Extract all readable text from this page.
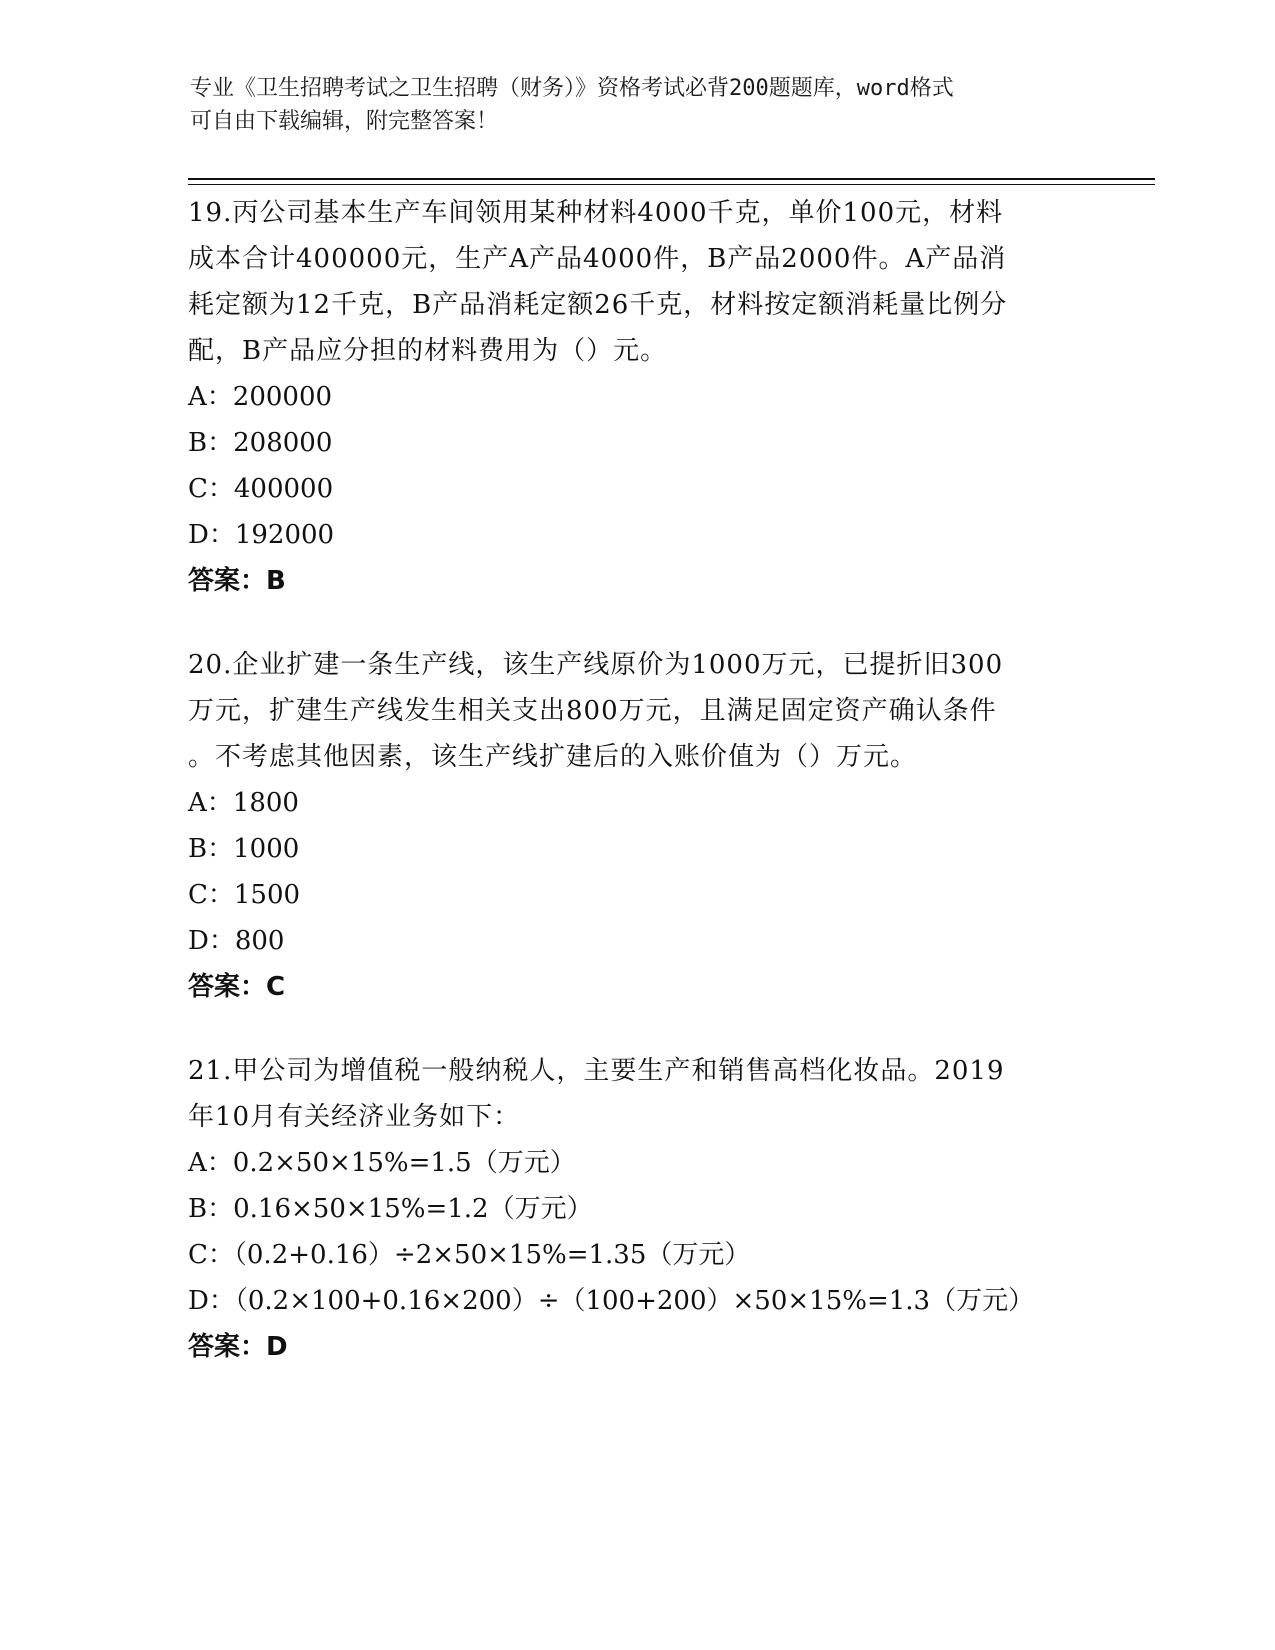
专业《卫生招聘考试之卫生招聘（财务）》资格考试必背200题题库，word格式
可自由下载编辑，附完整答案！
19.丙公司基本生产车间领用某种材料4000千克，单价100元，材料
成本合计400000元，生产A产品4000件，B产品2000件。A产品消
耗定额为12千克，B产品消耗定额26千克，材料按定额消耗量比例分
配，B产品应分担的材料费用为（）元。
A：200000
B：208000
C：400000
D：192000
答案：B
20.企业扩建一条生产线，该生产线原价为1000万元，已提折旧300
万元，扩建生产线发生相关支出800万元，且满足固定资产确认条件
。不考虑其他因素，该生产线扩建后的入账价值为（）万元。
A：1800
B：1000
C：1500
D：800
答案：C
21.甲公司为增值税一般纳税人，主要生产和销售高档化妆品。2019
年10月有关经济业务如下：
A：0.2×50×15%=1.5（万元）
B：0.16×50×15%=1.2（万元）
C：（0.2+0.16）÷2×50×15%=1.35（万元）
D：（0.2×100+0.16×200）÷（100+200）×50×15%=1.3（万元）
答案：D
